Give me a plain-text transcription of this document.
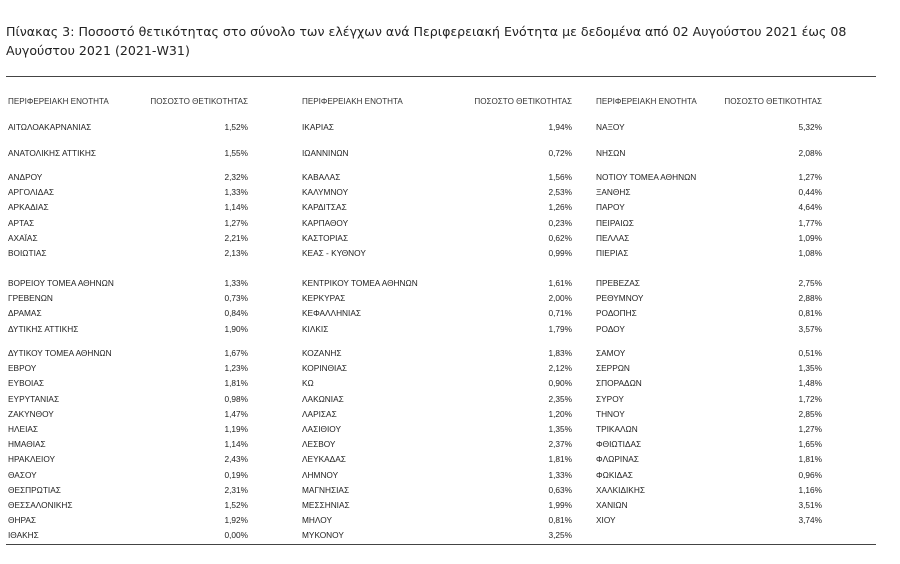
Πίνακας 3: Ποσοστό θετικότητας στο σύνολο των ελέγχων ανά Περιφερειακή Ενότητα με δεδομένα από 02 Αυγούστου 2021 έως 08 Αυγούστου 2021 (2021-W31)
ΠΕΡΙΦΕΡΕΙΑΚΗ ΕΝΟΤΗΤΑ	ΠΟΣΟΣΤΟ ΘΕΤΙΚΟΤΗΤΑΣ
ΑΙΤΩΛΟΑΚΑΡΝΑΝΙΑΣ	1,52%
ΑΝΑΤΟΛΙΚΗΣ ΑΤΤΙΚΗΣ	1,55%
ΑΝΔΡΟΥ	2,32%
ΑΡΓΟΛΙΔΑΣ	1,33%
ΑΡΚΑΔΙΑΣ	1,14%
ΑΡΤΑΣ	1,27%
ΑΧΑΪΑΣ	2,21%
ΒΟΙΩΤΙΑΣ	2,13%
ΒΟΡΕΙΟΥ ΤΟΜΕΑ ΑΘΗΝΩΝ	1,33%
ΓΡΕΒΕΝΩΝ	0,73%
ΔΡΑΜΑΣ	0,84%
ΔΥΤΙΚΗΣ ΑΤΤΙΚΗΣ	1,90%
ΔΥΤΙΚΟΥ ΤΟΜΕΑ ΑΘΗΝΩΝ	1,67%
ΕΒΡΟΥ	1,23%
ΕΥΒΟΙΑΣ	1,81%
ΕΥΡΥΤΑΝΙΑΣ	0,98%
ΖΑΚΥΝΘΟΥ	1,47%
ΗΛΕΙΑΣ	1,19%
ΗΜΑΘΙΑΣ	1,14%
ΗΡΑΚΛΕΙΟΥ	2,43%
ΘΑΣΟΥ	0,19%
ΘΕΣΠΡΩΤΙΑΣ	2,31%
ΘΕΣΣΑΛΟΝΙΚΗΣ	1,52%
ΘΗΡΑΣ	1,92%
ΙΘΑΚΗΣ	0,00%
ΠΕΡΙΦΕΡΕΙΑΚΗ ΕΝΟΤΗΤΑ	ΠΟΣΟΣΤΟ ΘΕΤΙΚΟΤΗΤΑΣ
ΙΚΑΡΙΑΣ	1,94%
ΙΩΑΝΝΙΝΩΝ	0,72%
ΚΑΒΑΛΑΣ	1,56%
ΚΑΛΥΜΝΟΥ	2,53%
ΚΑΡΔΙΤΣΑΣ	1,26%
ΚΑΡΠΑΘΟΥ	0,23%
ΚΑΣΤΟΡΙΑΣ	0,62%
ΚΕΑΣ - ΚΥΘΝΟΥ	0,99%
ΚΕΝΤΡΙΚΟΥ ΤΟΜΕΑ ΑΘΗΝΩΝ	1,61%
ΚΕΡΚΥΡΑΣ	2,00%
ΚΕΦΑΛΛΗΝΙΑΣ	0,71%
ΚΙΛΚΙΣ	1,79%
ΚΟΖΑΝΗΣ	1,83%
ΚΟΡΙΝΘΙΑΣ	2,12%
ΚΩ	0,90%
ΛΑΚΩΝΙΑΣ	2,35%
ΛΑΡΙΣΑΣ	1,20%
ΛΑΣΙΘΙΟΥ	1,35%
ΛΕΣΒΟΥ	2,37%
ΛΕΥΚΑΔΑΣ	1,81%
ΛΗΜΝΟΥ	1,33%
ΜΑΓΝΗΣΙΑΣ	0,63%
ΜΕΣΣΗΝΙΑΣ	1,99%
ΜΗΛΟΥ	0,81%
ΜΥΚΟΝΟΥ	3,25%
ΠΕΡΙΦΕΡΕΙΑΚΗ ΕΝΟΤΗΤΑ	ΠΟΣΟΣΤΟ ΘΕΤΙΚΟΤΗΤΑΣ
ΝΑΞΟΥ	5,32%
ΝΗΣΩΝ	2,08%
ΝΟΤΙΟΥ ΤΟΜΕΑ ΑΘΗΝΩΝ	1,27%
ΞΑΝΘΗΣ	0,44%
ΠΑΡΟΥ	4,64%
ΠΕΙΡΑΙΩΣ	1,77%
ΠΕΛΛΑΣ	1,09%
ΠΙΕΡΙΑΣ	1,08%
ΠΡΕΒΕΖΑΣ	2,75%
ΡΕΘΥΜΝΟΥ	2,88%
ΡΟΔΟΠΗΣ	0,81%
ΡΟΔΟΥ	3,57%
ΣΑΜΟΥ	0,51%
ΣΕΡΡΩΝ	1,35%
ΣΠΟΡΑΔΩΝ	1,48%
ΣΥΡΟΥ	1,72%
ΤΗΝΟΥ	2,85%
ΤΡΙΚΑΛΩΝ	1,27%
ΦΘΙΩΤΙΔΑΣ	1,65%
ΦΛΩΡΙΝΑΣ	1,81%
ΦΩΚΙΔΑΣ	0,96%
ΧΑΛΚΙΔΙΚΗΣ	1,16%
ΧΑΝΙΩΝ	3,51%
ΧΙΟΥ	3,74%
